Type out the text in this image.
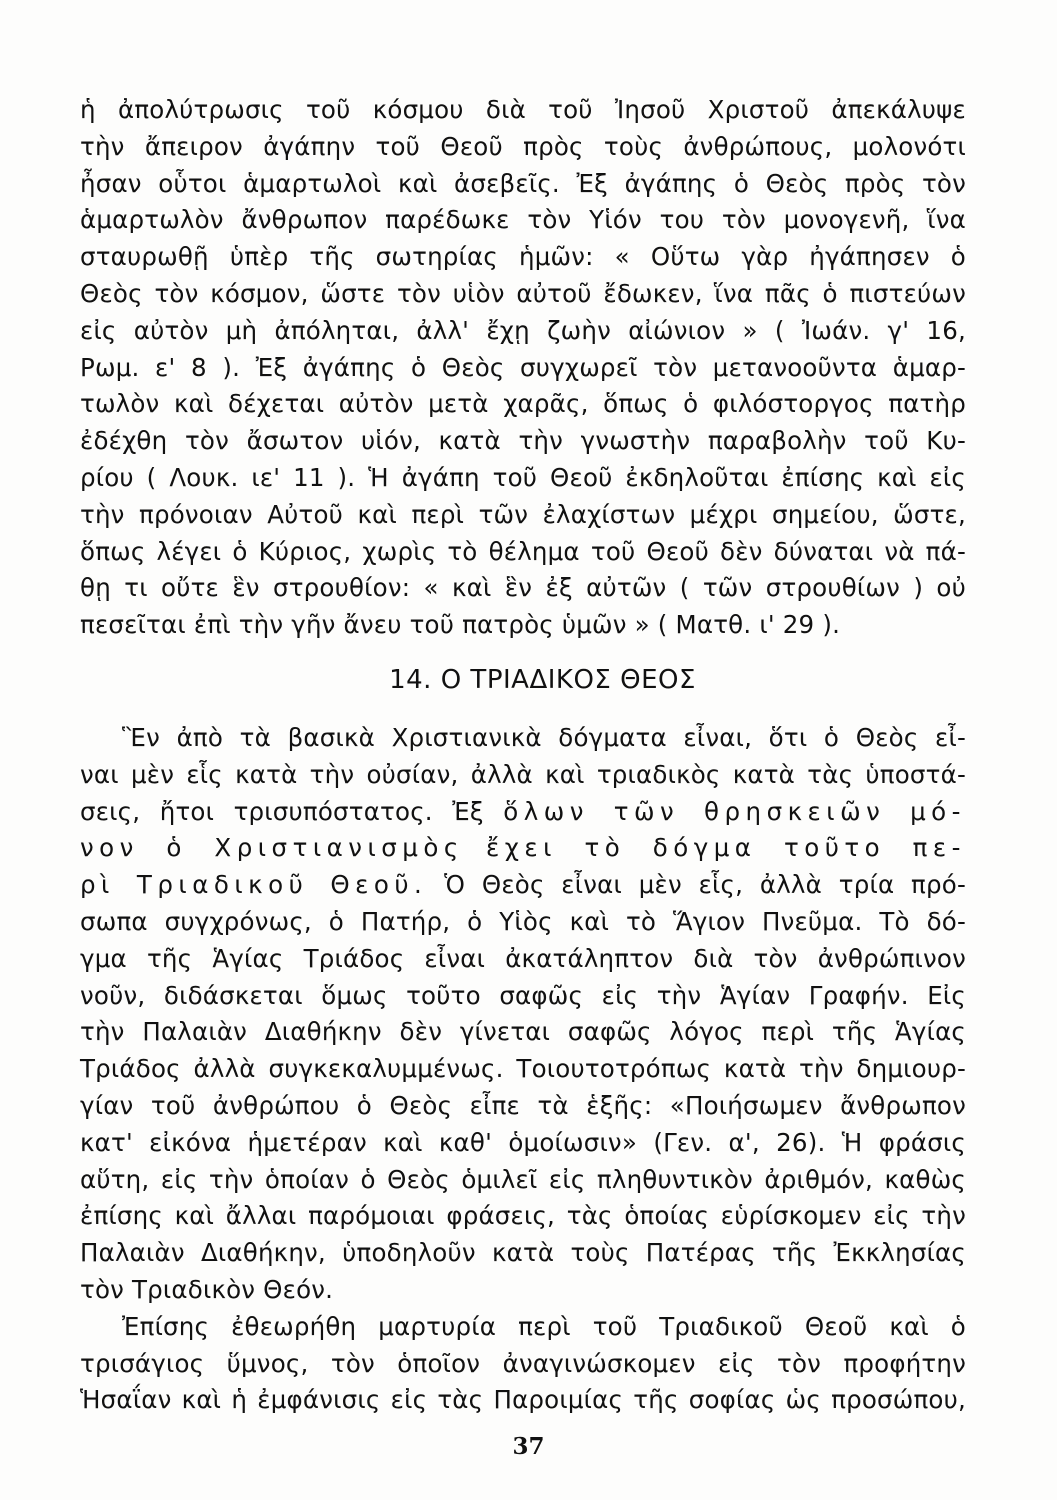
ἡ ἀπολύτρωσις τοῦ κόσμου διὰ τοῦ Ἰησοῦ Χριστοῦ ἀπεκάλυψε
τὴν ἄπειρον ἀγάπην τοῦ Θεοῦ πρὸς τοὺς ἀνθρώπους, μολονότι
ἦσαν οὗτοι ἁμαρτωλοὶ καὶ ἀσεβεῖς. Ἐξ ἀγάπης ὁ Θεὸς πρὸς τὸν
ἁμαρτωλὸν ἄνθρωπον παρέδωκε τὸν Υἱόν του τὸν μονογενῆ, ἵνα
σταυρωθῇ ὑπὲρ τῆς σωτηρίας ἡμῶν: « Οὕτω γὰρ ἠγάπησεν ὁ
Θεὸς τὸν κόσμον, ὥστε τὸν υἱὸν αὐτοῦ ἔδωκεν, ἵνα πᾶς ὁ πιστεύων
εἰς αὐτὸν μὴ ἀπόληται, ἀλλ' ἔχῃ ζωὴν αἰώνιον » ( Ἰωάν. γ' 16,
Ρωμ. ε' 8 ). Ἐξ ἀγάπης ὁ Θεὸς συγχωρεῖ τὸν μετανοοῦντα ἁμαρ-
τωλὸν καὶ δέχεται αὐτὸν μετὰ χαρᾶς, ὅπως ὁ φιλόστοργος πατὴρ
ἐδέχθη τὸν ἄσωτον υἱόν, κατὰ τὴν γνωστὴν παραβολὴν τοῦ Κυ-
ρίου ( Λουκ. ιε' 11 ). Ἡ ἀγάπη τοῦ Θεοῦ ἐκδηλοῦται ἐπίσης καὶ εἰς
τὴν πρόνοιαν Αὐτοῦ καὶ περὶ τῶν ἐλαχίστων μέχρι σημείου, ὥστε,
ὅπως λέγει ὁ Κύριος, χωρὶς τὸ θέλημα τοῦ Θεοῦ δὲν δύναται νὰ πά-
θῃ τι οὔτε ἓν στρουθίον: « καὶ ἓν ἐξ αὐτῶν ( τῶν στρουθίων ) οὐ
πεσεῖται ἐπὶ τὴν γῆν ἄνευ τοῦ πατρὸς ὑμῶν » ( Ματθ. ι' 29 ).
14. Ο ΤΡΙΑΔΙΚΟΣ ΘΕΟΣ
Ἓν ἀπὸ τὰ βασικὰ Χριστιανικὰ δόγματα εἶναι, ὅτι ὁ Θεὸς εἶ-
ναι μὲν εἷς κατὰ τὴν οὐσίαν, ἀλλὰ καὶ τριαδικὸς κατὰ τὰς ὑποστά-
σεις, ἤτοι τρισυπόστατος. Ἐξ ὅλων τῶν θρησκειῶν μό-
νον ὁ Χριστιανισμὸς ἔχει τὸ δόγμα τοῦτο πε-
ρὶ Τριαδικοῦ Θεοῦ. Ὁ Θεὸς εἶναι μὲν εἷς, ἀλλὰ τρία πρό-
σωπα συγχρόνως, ὁ Πατήρ, ὁ Υἱὸς καὶ τὸ Ἅγιον Πνεῦμα. Τὸ δό-
γμα τῆς Ἁγίας Τριάδος εἶναι ἀκατάληπτον διὰ τὸν ἀνθρώπινον
νοῦν, διδάσκεται ὅμως τοῦτο σαφῶς εἰς τὴν Ἁγίαν Γραφήν. Εἰς
τὴν Παλαιὰν Διαθήκην δὲν γίνεται σαφῶς λόγος περὶ τῆς Ἁγίας
Τριάδος ἀλλὰ συγκεκαλυμμένως. Τοιουτοτρόπως κατὰ τὴν δημιουρ-
γίαν τοῦ ἀνθρώπου ὁ Θεὸς εἶπε τὰ ἑξῆς: «Ποιήσωμεν ἄνθρωπον
κατ' εἰκόνα ἡμετέραν καὶ καθ' ὁμοίωσιν» (Γεν. α', 26). Ἡ φράσις
αὕτη, εἰς τὴν ὁποίαν ὁ Θεὸς ὁμιλεῖ εἰς πληθυντικὸν ἀριθμόν, καθὼς
ἐπίσης καὶ ἄλλαι παρόμοιαι φράσεις, τὰς ὁποίας εὑρίσκομεν εἰς τὴν
Παλαιὰν Διαθήκην, ὑποδηλοῦν κατὰ τοὺς Πατέρας τῆς Ἐκκλησίας
τὸν Τριαδικὸν Θεόν.
Ἐπίσης ἐθεωρήθη μαρτυρία περὶ τοῦ Τριαδικοῦ Θεοῦ καὶ ὁ
τρισάγιος ὕμνος, τὸν ὁποῖον ἀναγινώσκομεν εἰς τὸν προφήτην
Ἡσαΐαν καὶ ἡ ἐμφάνισις εἰς τὰς Παροιμίας τῆς σοφίας ὡς προσώπου,
37
